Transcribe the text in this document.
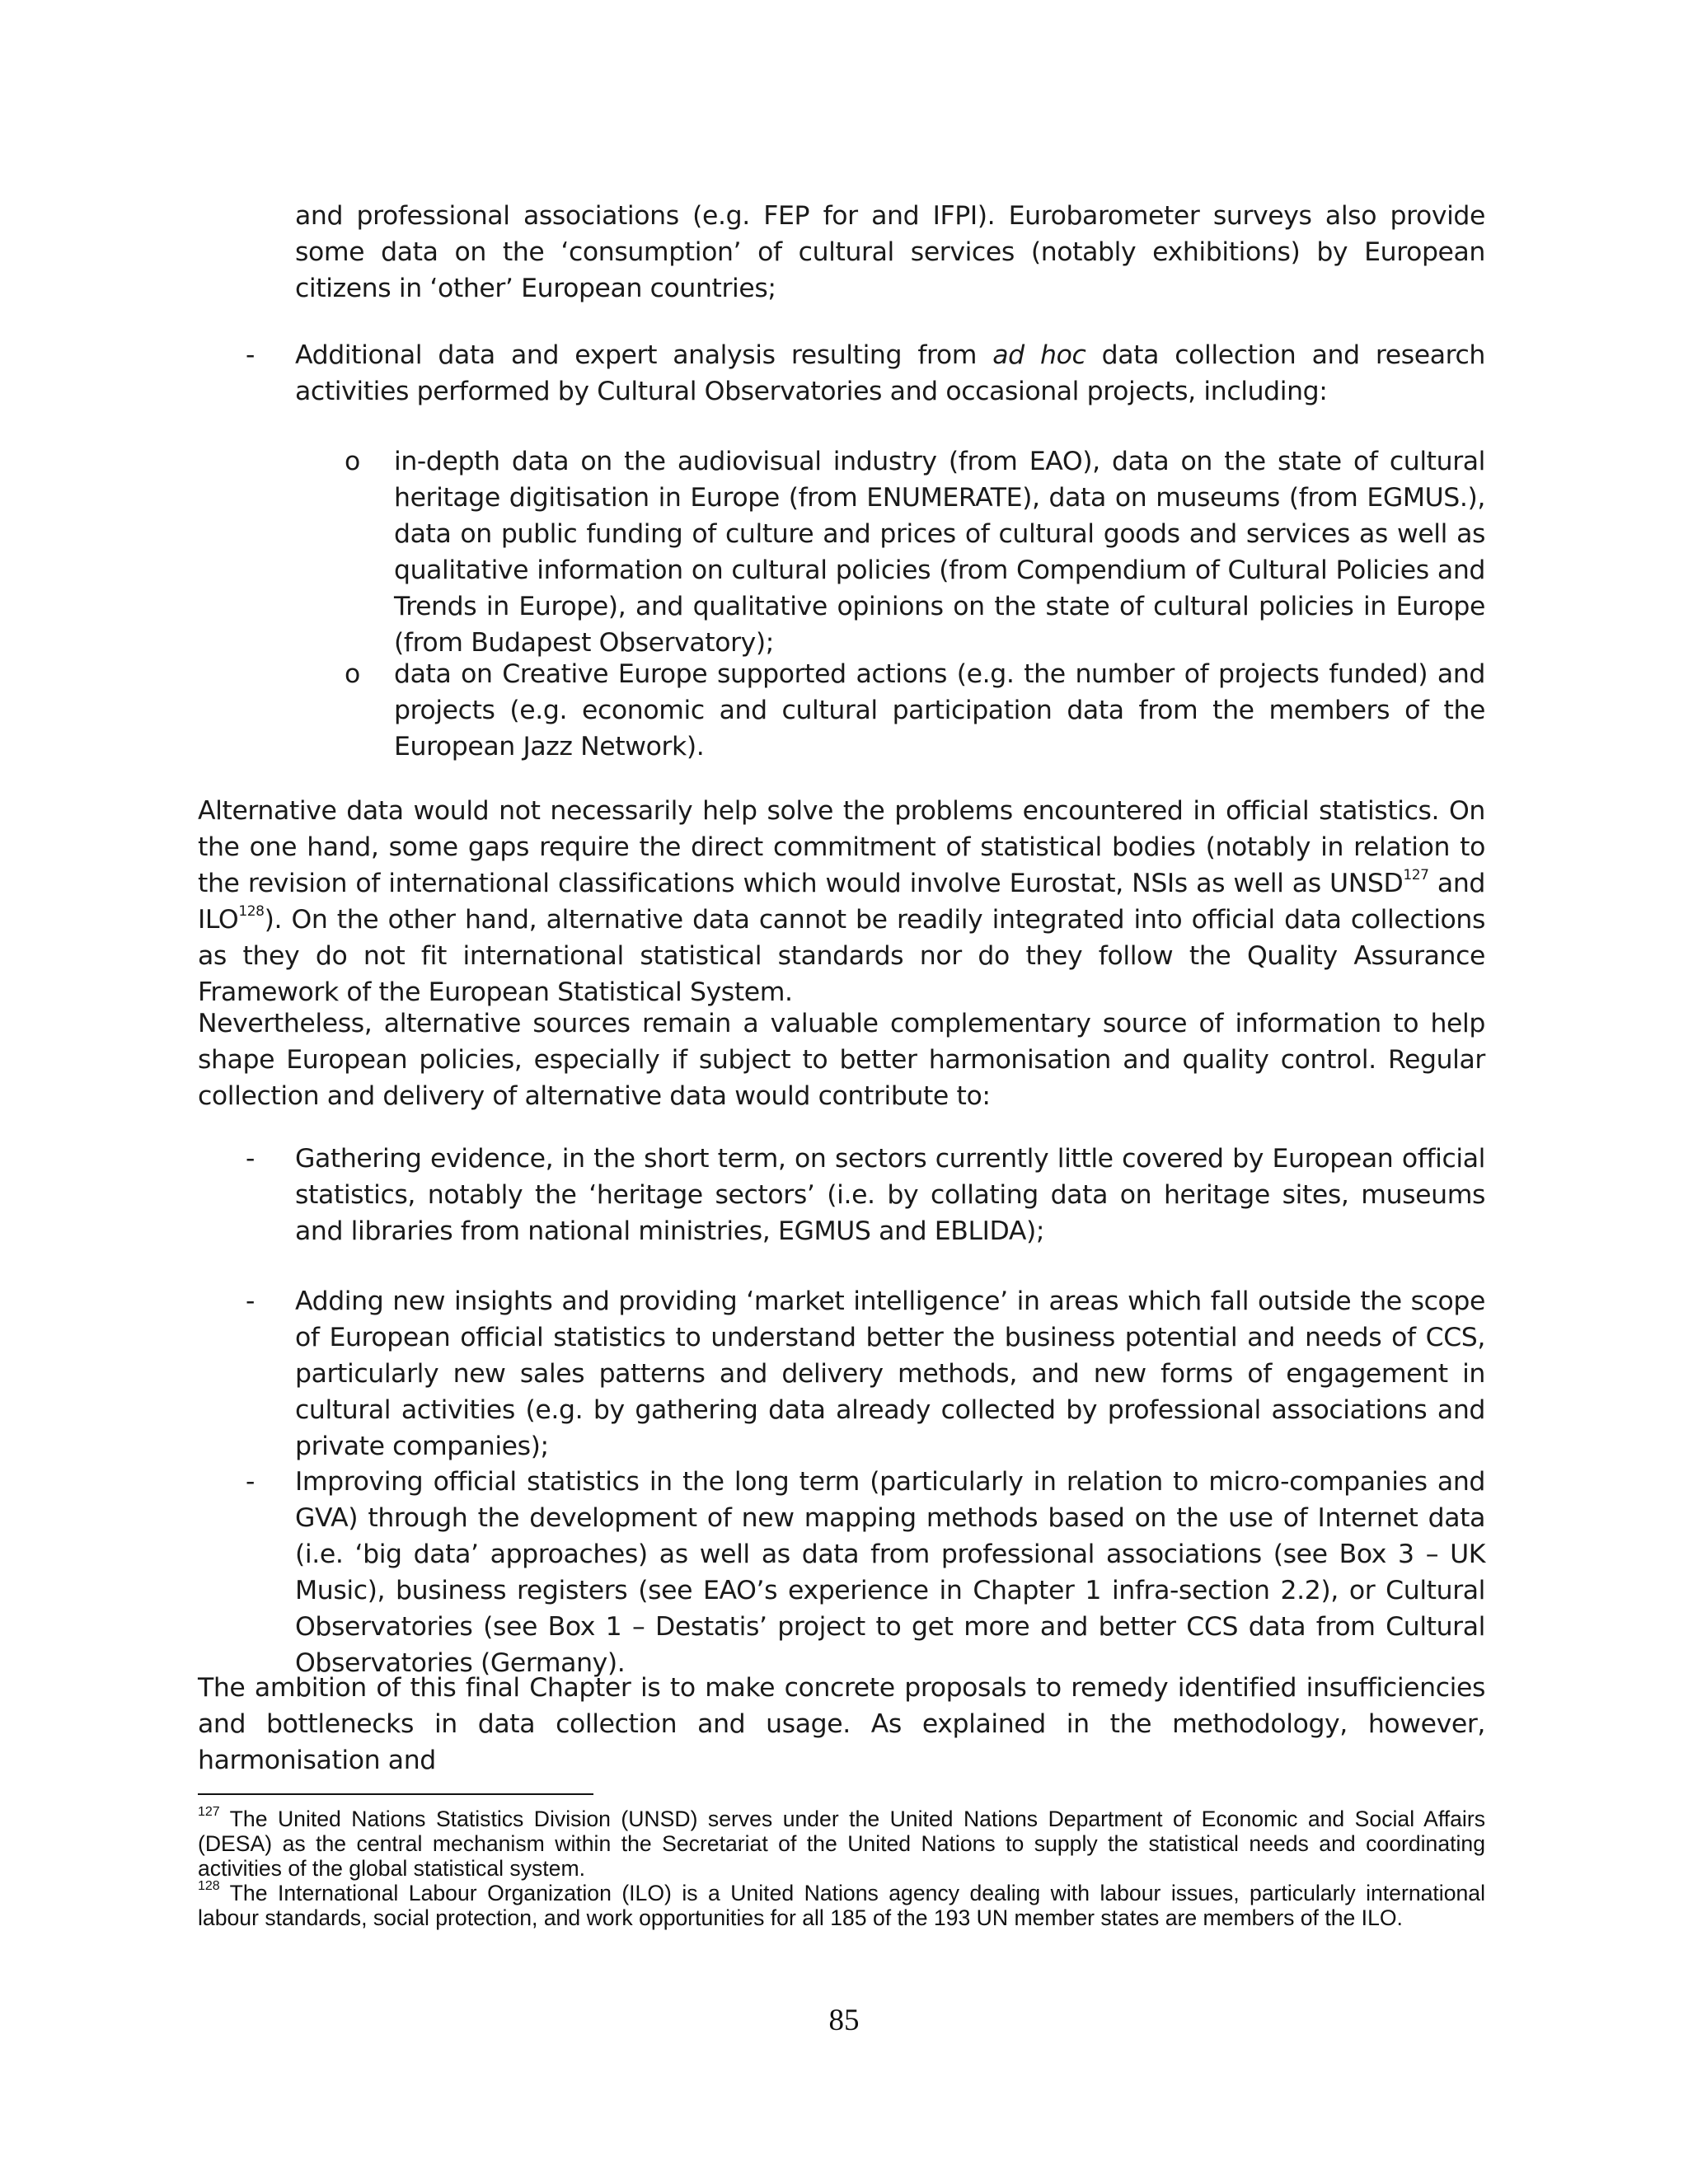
and professional associations (e.g. FEP for and IFPI). Eurobarometer surveys also provide some data on the ‘consumption’ of cultural services (notably exhibitions) by European citizens in ‘other’ European countries;

- Additional data and expert analysis resulting from ad hoc data collection and research activities performed by Cultural Observatories and occasional projects, including:

o in-depth data on the audiovisual industry (from EAO), data on the state of cultural heritage digitisation in Europe (from ENUMERATE), data on museums (from EGMUS.), data on public funding of culture and prices of cultural goods and services as well as qualitative information on cultural policies (from Compendium of Cultural Policies and Trends in Europe), and qualitative opinions on the state of cultural policies in Europe (from Budapest Observatory);

o data on Creative Europe supported actions (e.g. the number of projects funded) and projects (e.g. economic and cultural participation data from the members of the European Jazz Network).

Alternative data would not necessarily help solve the problems encountered in official statistics. On the one hand, some gaps require the direct commitment of statistical bodies (notably in relation to the revision of international classifications which would involve Eurostat, NSIs as well as UNSD$^{127}$ and ILO$^{128}$). On the other hand, alternative data cannot be readily integrated into official data collections as they do not fit international statistical standards nor do they follow the Quality Assurance Framework of the European Statistical System.

Nevertheless, alternative sources remain a valuable complementary source of information to help shape European policies, especially if subject to better harmonisation and quality control. Regular collection and delivery of alternative data would contribute to:

- Gathering evidence, in the short term, on sectors currently little covered by European official statistics, notably the ‘heritage sectors’ (i.e. by collating data on heritage sites, museums and libraries from national ministries, EGMUS and EBLIDA);

- Adding new insights and providing ‘market intelligence’ in areas which fall outside the scope of European official statistics to understand better the business potential and needs of CCS, particularly new sales patterns and delivery methods, and new forms of engagement in cultural activities (e.g. by gathering data already collected by professional associations and private companies);

- Improving official statistics in the long term (particularly in relation to micro-companies and GVA) through the development of new mapping methods based on the use of Internet data (i.e. ‘big data’ approaches) as well as data from professional associations (see Box 3 – UK Music), business registers (see EAO’s experience in Chapter 1 infra-section 2.2), or Cultural Observatories (see Box 1 – Destatis’ project to get more and better CCS data from Cultural Observatories (Germany).

The ambition of this final Chapter is to make concrete proposals to remedy identified insufficiencies and bottlenecks in data collection and usage. As explained in the methodology, however, harmonisation and

$^{127}$ The United Nations Statistics Division (UNSD) serves under the United Nations Department of Economic and Social Affairs (DESA) as the central mechanism within the Secretariat of the United Nations to supply the statistical needs and coordinating activities of the global statistical system.

$^{128}$ The International Labour Organization (ILO) is a United Nations agency dealing with labour issues, particularly international labour standards, social protection, and work opportunities for all 185 of the 193 UN member states are members of the ILO.

85
